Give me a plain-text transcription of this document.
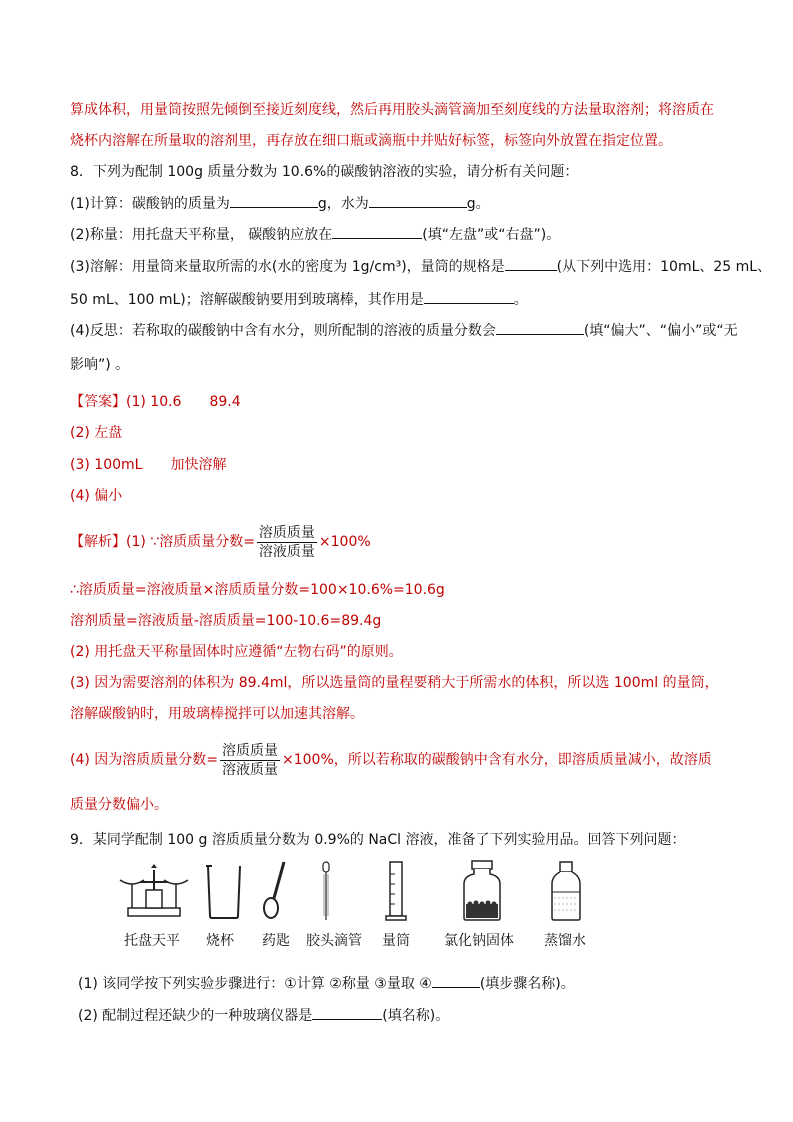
算成体积，用量筒按照先倾倒至接近刻度线，然后再用胶头滴管滴加至刻度线的方法量取溶剂；将溶质在
烧杯内溶解在所量取的溶剂里，再存放在细口瓶或滴瓶中并贴好标签，标签向外放置在指定位置。
8．下列为配制 100g 质量分数为 10.6%的碳酸钠溶液的实验，请分析有关问题：
(1)计算：碳酸钠的质量为	g，水为	g。
(2)称量：用托盘天平称量， 碳酸钠应放在	(填“左盘”或“右盘”)。
(3)溶解：用量筒来量取所需的水(水的密度为 1g/cm³)，量筒的规格是	(从下列中选用：10mL、25 mL、
50 mL、100 mL)；溶解碳酸钠要用到玻璃棒，其作用是	。
(4)反思：若称取的碳酸钠中含有水分，则所配制的溶液的质量分数会	(填“偏大”、“偏小”或“无
影响”) 。
【答案】(1) 10.6 89.4
(2) 左盘
(3) 100mL 加快溶解
(4) 偏小
【解析】(1) ∵溶质质量分数= $\frac{\text{溶质质量}}{\text{溶液质量}} \times 100\%$
∴溶质质量=溶液质量×溶质质量分数=100×10.6%=10.6g
溶剂质量=溶液质量-溶质质量=100-10.6=89.4g
(2) 用托盘天平称量固体时应遵循“左物右码”的原则。
(3) 因为需要溶剂的体积为 89.4ml，所以选量筒的量程要稍大于所需水的体积，所以选 100ml 的量筒，
溶解碳酸钠时，用玻璃棒搅拌可以加速其溶解。
(4) 因为溶质质量分数= $\frac{\text{溶质质量}}{\text{溶液质量}} \times 100\%$，所以若称取的碳酸钠中含有水分，即溶质质量减小，故溶质
质量分数偏小。
9．某同学配制 100 g 溶质质量分数为 0.9%的 NaCl 溶液，准备了下列实验用品。回答下列问题：
托盘天平 烧杯 药匙 胶头滴管 量筒 氯化钠固体 蒸馏水
(1) 该同学按下列实验步骤进行：①计算 ②称量 ③量取 ④	(填步骤名称)。
(2) 配制过程还缺少的一种玻璃仪器是	(填名称)。
